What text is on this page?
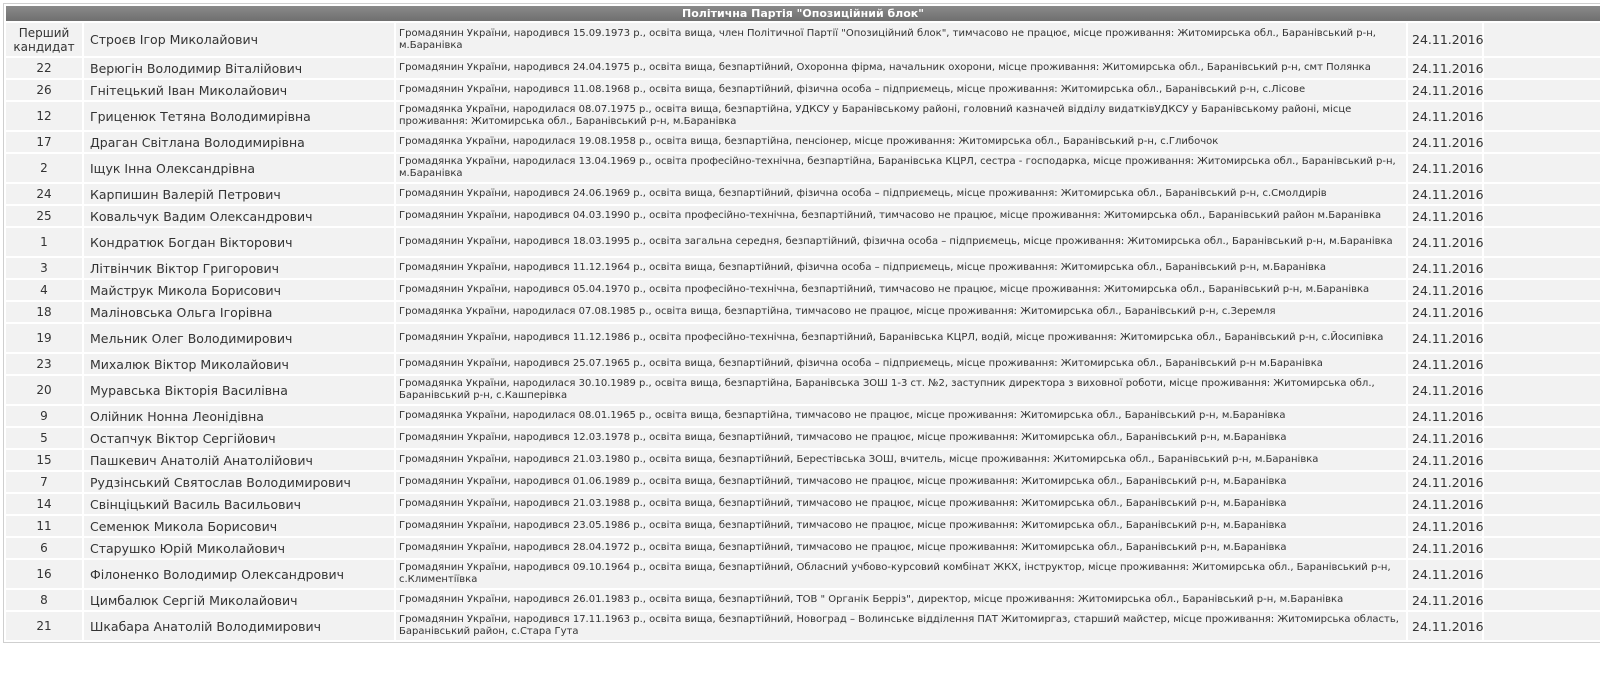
Політична Партія "Опозиційний блок"				
Перший кандидат	Строєв Ігор Миколайович	Громадянин України, народився 15.09.1973 р., освіта вища, член Політичної Партії "Опозиційний блок", тимчасово не працює, місце проживання: Житомирська обл., Баранівський р-н, м.Баранівка	24.11.2016	
22	Верюгін Володимир Віталійович	Громадянин України, народився 24.04.1975 р., освіта вища, безпартійний, Охоронна фірма, начальник охорони, місце проживання: Житомирська обл., Баранівський р-н, смт Полянка	24.11.2016	
26	Гнітецький Іван Миколайович	Громадянин України, народився 11.08.1968 р., освіта вища, безпартійний, фізична особа – підприємець, місце проживання: Житомирська обл., Баранівський р-н, с.Лісове	24.11.2016	
12	Гриценюк Тетяна Володимирівна	Громадянка України, народилася 08.07.1975 р., освіта вища, безпартійна, УДКСУ у Баранівському районі, головний казначей відділу видатківУДКСУ у Баранівському районі, місце проживання: Житомирська обл., Баранівський р-н, м.Баранівка	24.11.2016	
17	Драган Світлана Володимирівна	Громадянка України, народилася 19.08.1958 р., освіта вища, безпартійна, пенсіонер, місце проживання: Житомирська обл., Баранівський р-н, с.Глибочок	24.11.2016	
2	Іщук Інна Олександрівна	Громадянка України, народилася 13.04.1969 р., освіта професійно-технічна, безпартійна, Баранівська КЦРЛ, сестра - господарка, місце проживання: Житомирська обл., Баранівський р-н, м.Баранівка	24.11.2016	
24	Карпишин Валерій Петрович	Громадянин України, народився 24.06.1969 р., освіта вища, безпартійний, фізична особа – підприємець, місце проживання: Житомирська обл., Баранівський р-н, с.Смолдирів	24.11.2016	
25	Ковальчук Вадим Олександрович	Громадянин України, народився 04.03.1990 р., освіта професійно-технічна, безпартійний, тимчасово не працює, місце проживання: Житомирська обл., Баранівський район м.Баранівка	24.11.2016	
1	Кондратюк Богдан Вікторович	Громадянин України, народився 18.03.1995 р., освіта загальна середня, безпартійний, фізична особа – підприємець, місце проживання: Житомирська обл., Баранівський р-н, м.Баранівка	24.11.2016	
3	Літвінчик Віктор Григорович	Громадянин України, народився 11.12.1964 р., освіта вища, безпартійний, фізична особа – підприємець, місце проживання: Житомирська обл., Баранівський р-н, м.Баранівка	24.11.2016	
4	Майструк Микола Борисович	Громадянин України, народився 05.04.1970 р., освіта професійно-технічна, безпартійний, тимчасово не працює, місце проживання: Житомирська обл., Баранівський р-н, м.Баранівка	24.11.2016	
18	Маліновська Ольга Ігорівна	Громадянка України, народилася 07.08.1985 р., освіта вища, безпартійна, тимчасово не працює, місце проживання: Житомирська обл., Баранівський р-н, с.Зеремля	24.11.2016	
19	Мельник Олег Володимирович	Громадянин України, народився 11.12.1986 р., освіта професійно-технічна, безпартійний, Баранівська КЦРЛ, водій, місце проживання: Житомирська обл., Баранівський р-н, с.Йосипівка	24.11.2016	
23	Михалюк Віктор Миколайович	Громадянин України, народився 25.07.1965 р., освіта вища, безпартійний, фізична особа – підприємець, місце проживання: Житомирська обл., Баранівський р-н м.Баранівка	24.11.2016	
20	Муравська Вікторія Василівна	Громадянка України, народилася 30.10.1989 р., освіта вища, безпартійна, Баранівська ЗОШ 1-3 ст. №2, заступник директора з виховної роботи, місце проживання: Житомирська обл., Баранівський р-н, с.Кашперівка	24.11.2016	
9	Олійник Нонна Леонідівна	Громадянка України, народилася 08.01.1965 р., освіта вища, безпартійна, тимчасово не працює, місце проживання: Житомирська обл., Баранівський р-н, м.Баранівка	24.11.2016	
5	Остапчук Віктор Сергійович	Громадянин України, народився 12.03.1978 р., освіта вища, безпартійний, тимчасово не працює, місце проживання: Житомирська обл., Баранівський р-н, м.Баранівка	24.11.2016	
15	Пашкевич Анатолій Анатолійович	Громадянин України, народився 21.03.1980 р., освіта вища, безпартійний, Берестівська ЗОШ, вчитель, місце проживання: Житомирська обл., Баранівський р-н, м.Баранівка	24.11.2016	
7	Рудзінський Святослав Володимирович	Громадянин України, народився 01.06.1989 р., освіта вища, безпартійний, тимчасово не працює, місце проживання: Житомирська обл., Баранівський р-н, м.Баранівка	24.11.2016	
14	Свінціцький Василь Васильович	Громадянин України, народився 21.03.1988 р., освіта вища, безпартійний, тимчасово не працює, місце проживання: Житомирська обл., Баранівський р-н, м.Баранівка	24.11.2016	
11	Семенюк Микола Борисович	Громадянин України, народився 23.05.1986 р., освіта вища, безпартійний, тимчасово не працює, місце проживання: Житомирська обл., Баранівський р-н, м.Баранівка	24.11.2016	
6	Старушко Юрій Миколайович	Громадянин України, народився 28.04.1972 р., освіта вища, безпартійний, тимчасово не працює, місце проживання: Житомирська обл., Баранівський р-н, м.Баранівка	24.11.2016	
16	Філоненко Володимир Олександрович	Громадянин України, народився 09.10.1964 р., освіта вища, безпартійний, Обласний учбово-курсовий комбінат ЖКХ, інструктор, місце проживання: Житомирська обл., Баранівський р-н, с.Климентіївка	24.11.2016	
8	Цимбалюк Сергій Миколайович	Громадянин України, народився 26.01.1983 р., освіта вища, безпартійний, ТОВ " Органік Берріз", директор, місце проживання: Житомирська обл., Баранівський р-н, м.Баранівка	24.11.2016	
21	Шкабара Анатолій Володимирович	Громадянин України, народився 17.11.1963 р., освіта вища, безпартійний, Новоград – Волинське відділення ПАТ Житомиргаз, старший майстер, місце проживання: Житомирська область, Баранівський район, с.Стара Гута	24.11.2016	
